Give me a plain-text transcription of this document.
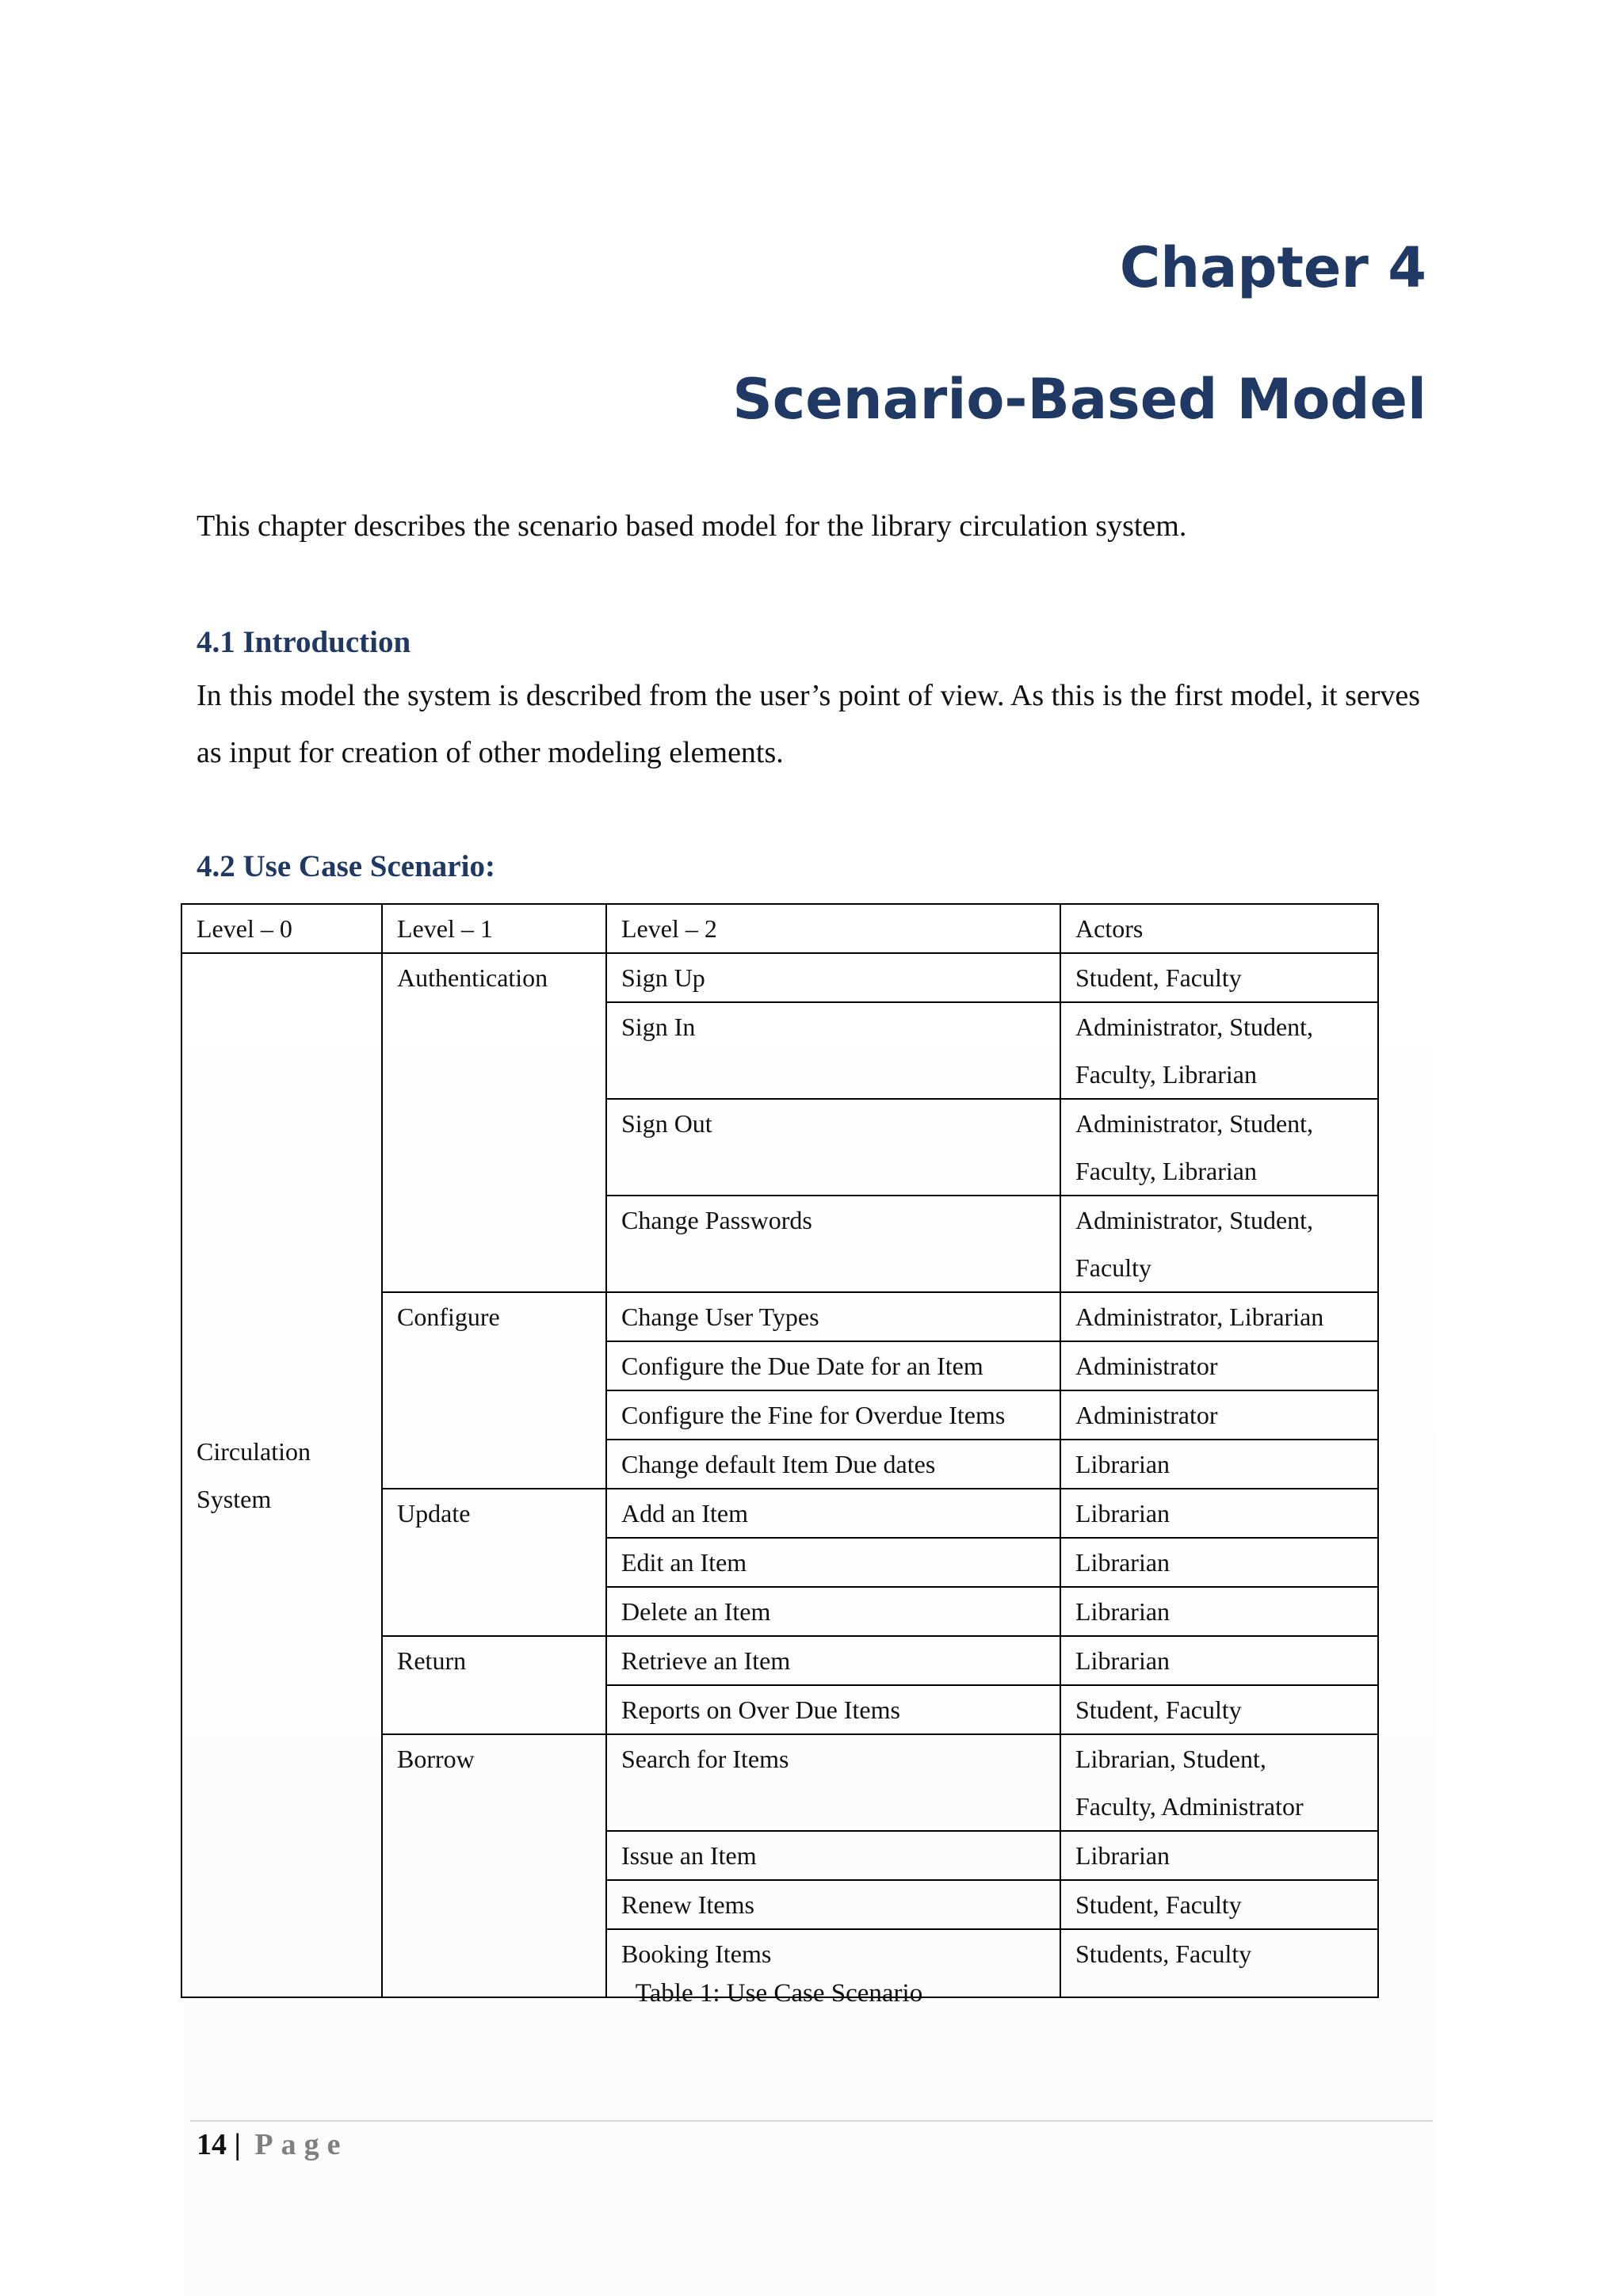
Chapter 4
Scenario-Based Model

This chapter describes the scenario based model for the library circulation system.

4.1 Introduction

In this model the system is described from the user’s point of view. As this is the first model, it serves as input for creation of other modeling elements.

4.2 Use Case Scenario:
Level – 0	Level – 1	Level – 2	Actors
Circulation
System	Authentication	Sign Up	Student, Faculty
		Sign In	Administrator, Student,
Faculty, Librarian
		Sign Out	Administrator, Student,
Faculty, Librarian
		Change Passwords	Administrator, Student,
Faculty
	Configure	Change User Types	Administrator, Librarian
		Configure the Due Date for an Item	Administrator
		Configure the Fine for Overdue Items	Administrator
		Change default Item Due dates	Librarian
	Update	Add an Item	Librarian
		Edit an Item	Librarian
		Delete an Item	Librarian
	Return	Retrieve an Item	Librarian
		Reports on Over Due Items	Student, Faculty
	Borrow	Search for Items	Librarian, Student,
Faculty, Administrator
		Issue an Item	Librarian
		Renew Items	Student, Faculty
		Booking Items	Students, Faculty
Table 1: Use Case Scenario
14 | Page
